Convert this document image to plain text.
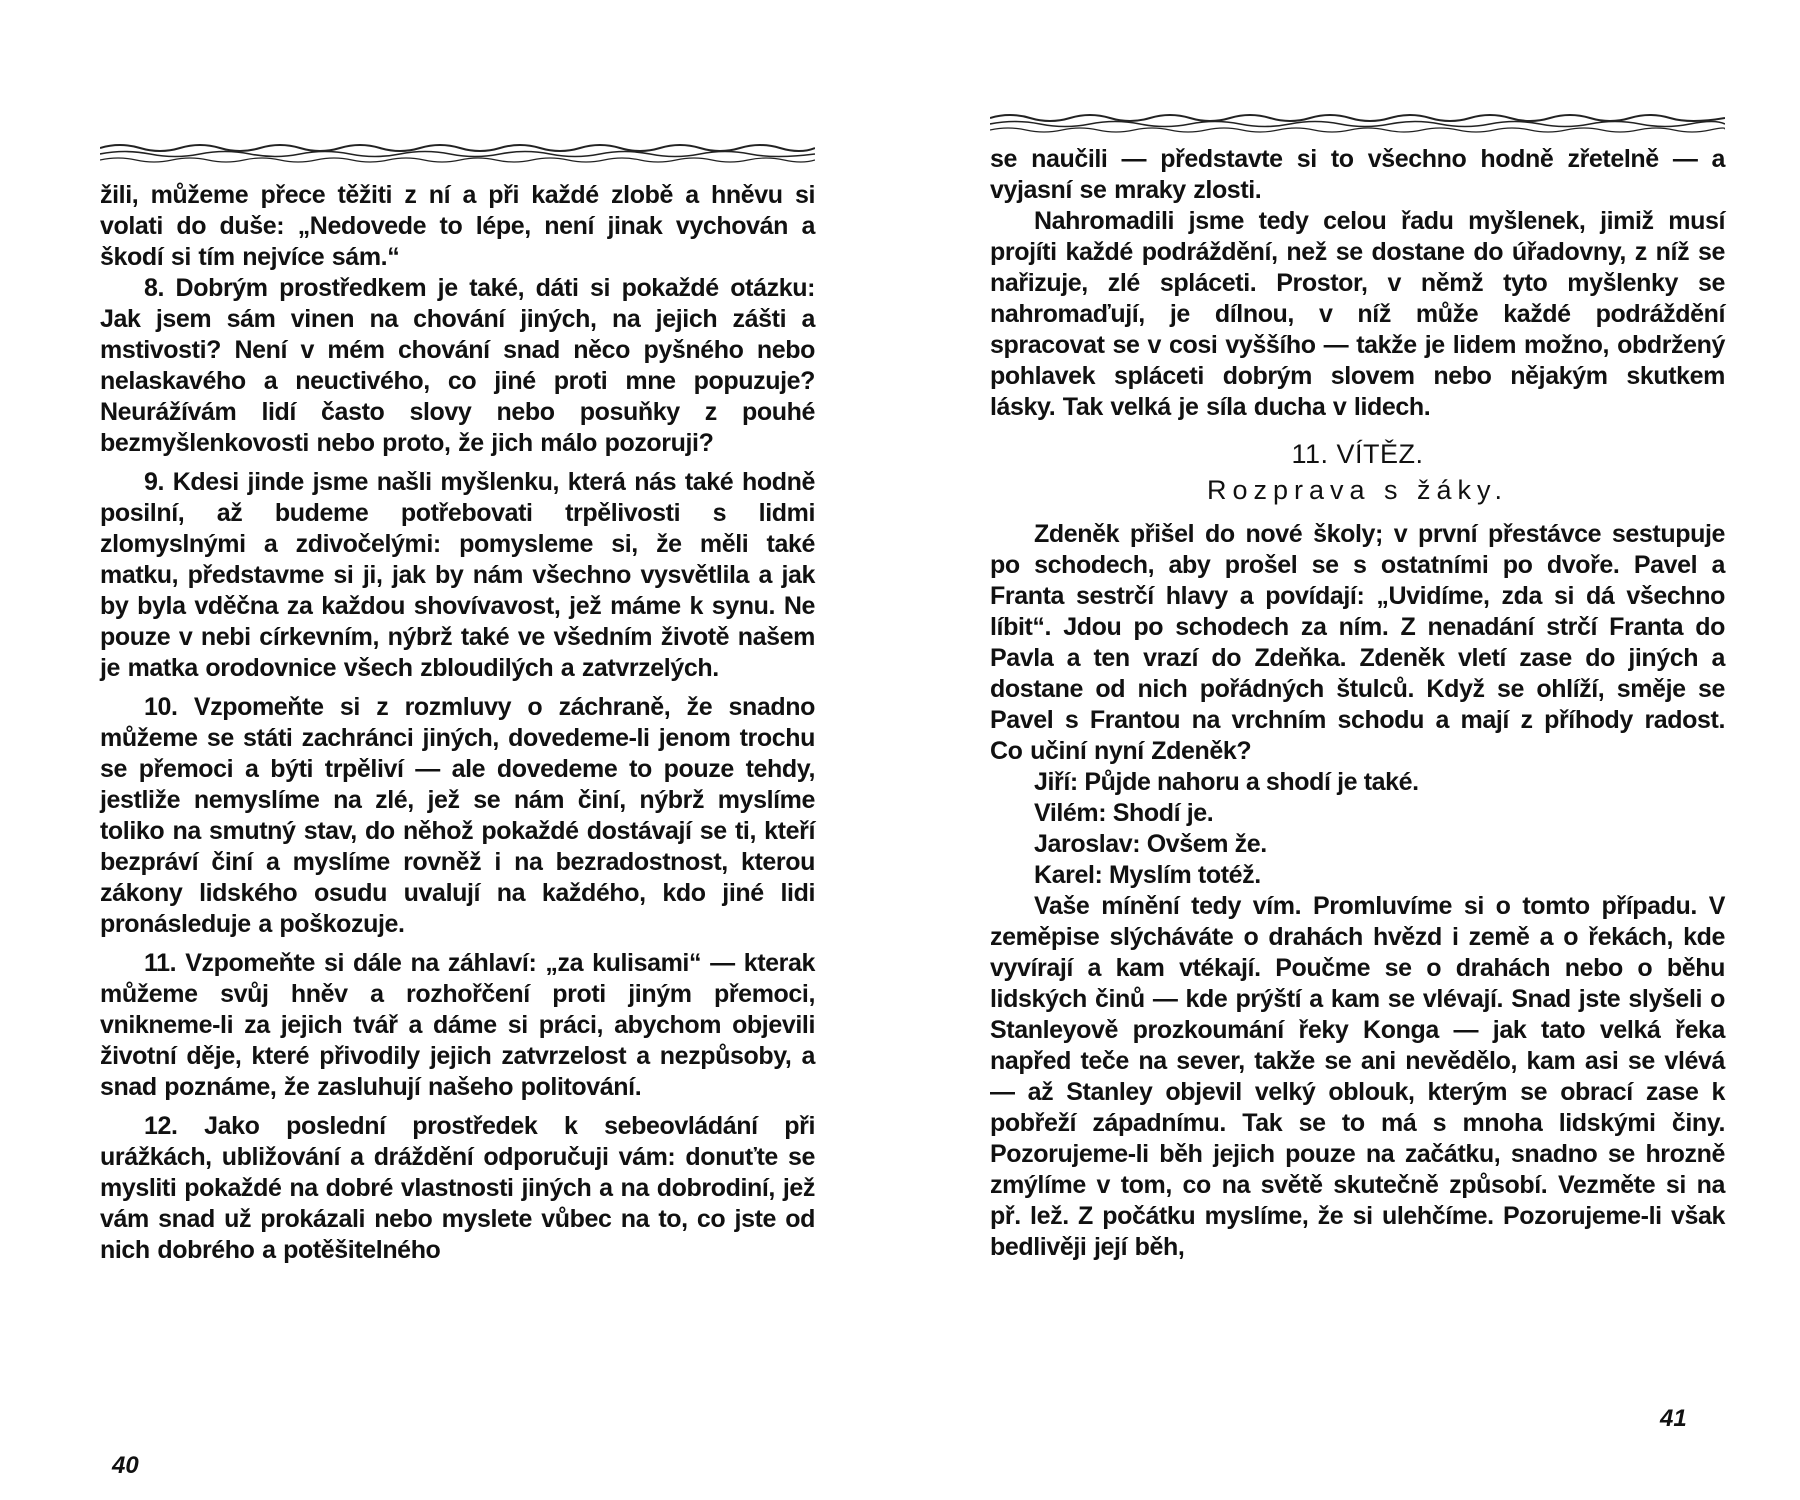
žili, můžeme přece těžiti z ní a při každé zlobě a hněvu si volati do duše: „Nedovede to lépe, není jinak vychován a škodí si tím nejvíce sám.“

8. Dobrým prostředkem je také, dáti si pokaždé otázku: Jak jsem sám vinen na chování jiných, na jejich zášti a mstivosti? Není v mém chování snad něco pyšného nebo nelaskavého a neuctivého, co jiné proti mne popuzuje? Neurážívám lidí často slovy nebo posuňky z pouhé bezmyšlenkovosti nebo proto, že jich málo pozoruji?

9. Kdesi jinde jsme našli myšlenku, která nás také hodně posilní, až budeme potřebovati trpělivosti s lidmi zlomyslnými a zdivočelými: pomysleme si, že měli také matku, představme si ji, jak by nám všechno vysvětlila a jak by byla vděčna za každou shovívavost, jež máme k synu. Ne pouze v nebi církevním, nýbrž také ve všedním životě našem je matka orodovnice všech zbloudilých a zatvrzelých.

10. Vzpomeňte si z rozmluvy o záchraně, že snadno můžeme se státi zachránci jiných, dovedeme-li jenom trochu se přemoci a býti trpěliví — ale dovedeme to pouze tehdy, jestliže nemyslíme na zlé, jež se nám činí, nýbrž myslíme toliko na smutný stav, do něhož pokaždé dostávají se ti, kteří bezpráví činí a myslíme rovněž i na bezradostnost, kterou zákony lidského osudu uvalují na každého, kdo jiné lidi pronásleduje a poškozuje.

11. Vzpomeňte si dále na záhlaví: „za kulisami“ — kterak můžeme svůj hněv a rozhořčení proti jiným přemoci, vnikneme-li za jejich tvář a dáme si práci, abychom objevili životní děje, které přivodily jejich zatvrzelost a nezpůsoby, a snad poznáme, že zasluhují našeho politování.

12. Jako poslední prostředek k sebeovládání při urážkách, ubližování a dráždění odporučuji vám: donuťte se mysliti pokaždé na dobré vlastnosti jiných a na dobrodiní, jež vám snad už prokázali nebo myslete vůbec na to, co jste od nich dobrého a potěšitelného

40

se naučili — představte si to všechno hodně zřetelně — a vyjasní se mraky zlosti.

Nahromadili jsme tedy celou řadu myšlenek, jimiž musí projíti každé podráždění, než se dostane do úřadovny, z níž se nařizuje, zlé spláceti. Prostor, v němž tyto myšlenky se nahromaďují, je dílnou, v níž může každé podráždění spracovat se v cosi vyššího — takže je lidem možno, obdržený pohlavek spláceti dobrým slovem nebo nějakým skutkem lásky. Tak velká je síla ducha v lidech.

11. VÍTĚZ.
Rozprava s žáky.

Zdeněk přišel do nové školy; v první přestávce sestupuje po schodech, aby prošel se s ostatními po dvoře. Pavel a Franta sestrčí hlavy a povídají: „Uvidíme, zda si dá všechno líbit“. Jdou po schodech za ním. Z nenadání strčí Franta do Pavla a ten vrazí do Zdeňka. Zdeněk vletí zase do jiných a dostane od nich pořádných štulců. Když se ohlíží, směje se Pavel s Frantou na vrchním schodu a mají z příhody radost. Co učiní nyní Zdeněk?

Jiří: Půjde nahoru a shodí je také.

Vilém: Shodí je.

Jaroslav: Ovšem že.

Karel: Myslím totéž.

Vaše mínění tedy vím. Promluvíme si o tomto případu. V zeměpise slýcháváte o drahách hvězd i země a o řekách, kde vyvírají a kam vtékají. Poučme se o drahách nebo o běhu lidských činů — kde prýští a kam se vlévají. Snad jste slyšeli o Stanleyově prozkoumání řeky Konga — jak tato velká řeka napřed teče na sever, takže se ani nevědělo, kam asi se vlévá — až Stanley objevil velký oblouk, kterým se obrací zase k pobřeží západnímu. Tak se to má s mnoha lidskými činy. Pozorujeme-li běh jejich pouze na začátku, snadno se hrozně zmýlíme v tom, co na světě skutečně způsobí. Vezměte si na př. lež. Z počátku myslíme, že si ulehčíme. Pozorujeme-li však bedlivěji její běh,

41
